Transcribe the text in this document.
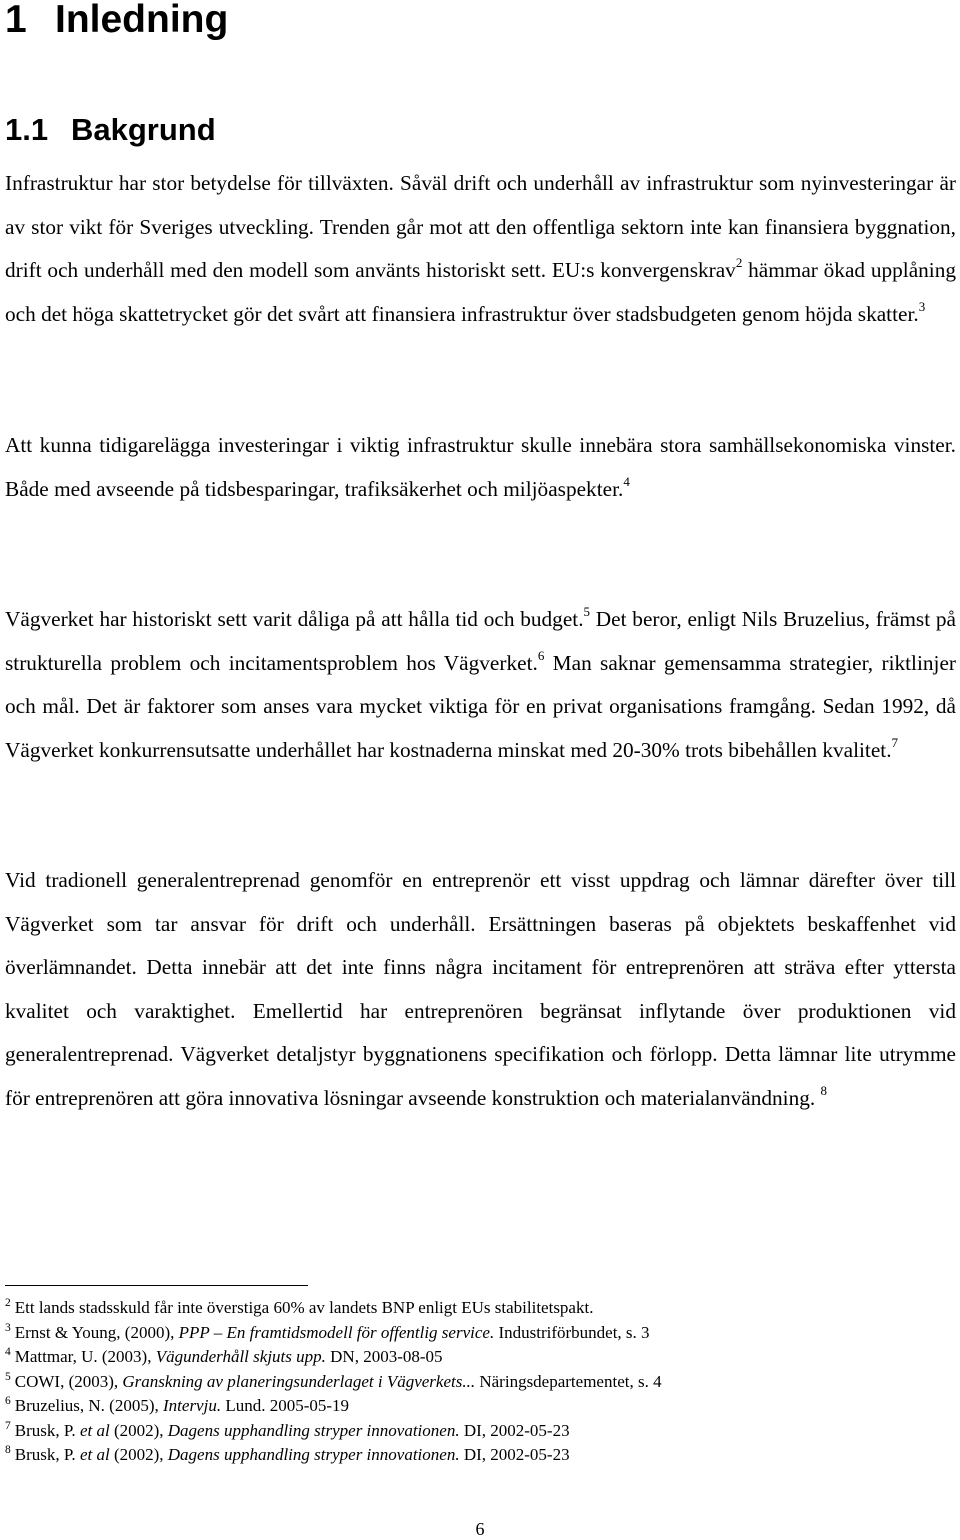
1 Inledning
1.1 Bakgrund

Infrastruktur har stor betydelse för tillväxten. Såväl drift och underhåll av infrastruktur som nyinvesteringar är av stor vikt för Sveriges utveckling. Trenden går mot att den offentliga sektorn inte kan finansiera byggnation, drift och underhåll med den modell som använts historiskt sett. EU:s konvergenskrav$^2$ hämmar ökad upplåning och det höga skattetrycket gör det svårt att finansiera infrastruktur över stadsbudgeten genom höjda skatter.$^3$

Att kunna tidigarelägga investeringar i viktig infrastruktur skulle innebära stora samhällsekonomiska vinster. Både med avseende på tidsbesparingar, trafiksäkerhet och miljöaspekter.$^4$

Vägverket har historiskt sett varit dåliga på att hålla tid och budget.$^5$ Det beror, enligt Nils Bruzelius, främst på strukturella problem och incitamentsproblem hos Vägverket.$^6$ Man saknar gemensamma strategier, riktlinjer och mål. Det är faktorer som anses vara mycket viktiga för en privat organisations framgång. Sedan 1992, då Vägverket konkurrensutsatte underhållet har kostnaderna minskat med 20-30% trots bibehållen kvalitet.$^7$

Vid tradionell generalentreprenad genomför en entreprenör ett visst uppdrag och lämnar därefter över till Vägverket som tar ansvar för drift och underhåll. Ersättningen baseras på objektets beskaffenhet vid överlämnandet. Detta innebär att det inte finns några incitament för entreprenören att sträva efter yttersta kvalitet och varaktighet. Emellertid har entreprenören begränsat inflytande över produktionen vid generalentreprenad. Vägverket detaljstyr byggnationens specifikation och förlopp. Detta lämnar lite utrymme för entreprenören att göra innovativa lösningar avseende konstruktion och materialanvändning. $^8$

$^2$ Ett lands stadsskuld får inte överstiga 60% av landets BNP enligt EUs stabilitetspakt.
$^3$ Ernst & Young, (2000), PPP – En framtidsmodell för offentlig service. Industriförbundet, s. 3
$^4$ Mattmar, U. (2003), Vägunderhåll skjuts upp. DN, 2003-08-05
$^5$ COWI, (2003), Granskning av planeringsunderlaget i Vägverkets... Näringsdepartementet, s. 4
$^6$ Bruzelius, N. (2005), Intervju. Lund. 2005-05-19
$^7$ Brusk, P. et al (2002), Dagens upphandling stryper innovationen. DI, 2002-05-23
$^8$ Brusk, P. et al (2002), Dagens upphandling stryper innovationen. DI, 2002-05-23
6
